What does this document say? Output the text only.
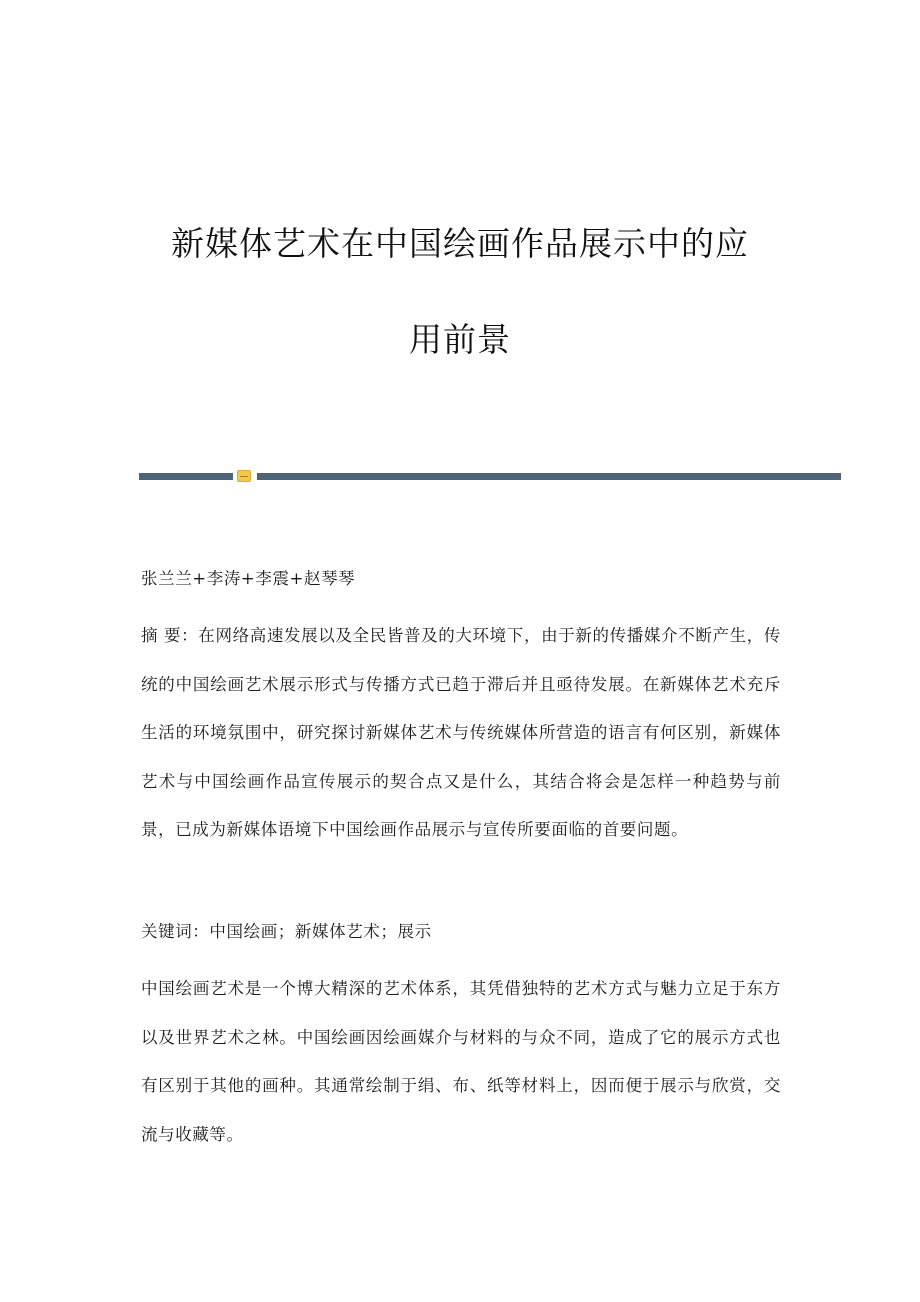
新媒体艺术在中国绘画作品展示中的应
用前景
张兰兰+李涛+李震+赵琴琴
摘 要：在网络高速发展以及全民皆普及的大环境下，由于新的传播媒介不断产生，传统的中国绘画艺术展示形式与传播方式已趋于滞后并且亟待发展。在新媒体艺术充斥生活的环境氛围中，研究探讨新媒体艺术与传统媒体所营造的语言有何区别，新媒体艺术与中国绘画作品宣传展示的契合点又是什么，其结合将会是怎样一种趋势与前景，已成为新媒体语境下中国绘画作品展示与宣传所要面临的首要问题。
关键词：中国绘画；新媒体艺术；展示
中国绘画艺术是一个博大精深的艺术体系，其凭借独特的艺术方式与魅力立足于东方以及世界艺术之林。中国绘画因绘画媒介与材料的与众不同，造成了它的展示方式也有区别于其他的画种。其通常绘制于绢、布、纸等材料上，因而便于展示与欣赏，交流与收藏等。
